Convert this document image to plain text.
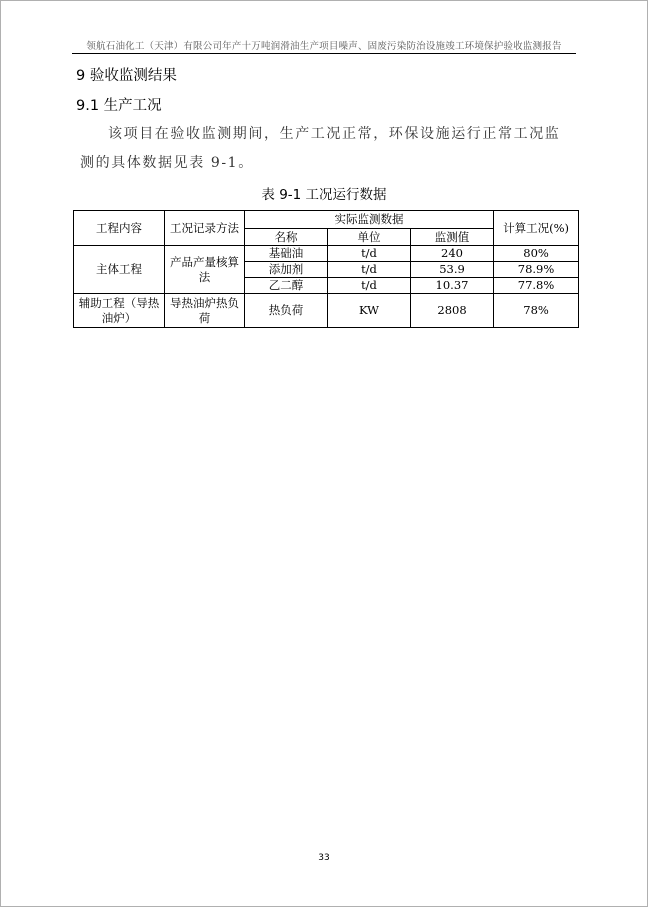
领航石油化工（天津）有限公司年产十万吨润滑油生产项目噪声、固废污染防治设施竣工环境保护验收监测报告
9 验收监测结果
9.1 生产工况

该项目在验收监测期间，生产工况正常，环保设施运行正常工况监测的具体数据见表 9-1。

表 9-1 工况运行数据
工程内容	工况记录方法	实际监测数据			计算工况(%)
		名称	单位	监测值	
主体工程	产品产量核算法	基础油	t/d	240	80%
		添加剂	t/d	53.9	78.9%
		乙二醇	t/d	10.37	77.8%
辅助工程（导热油炉）	导热油炉热负荷	热负荷	KW	2808	78%
33
